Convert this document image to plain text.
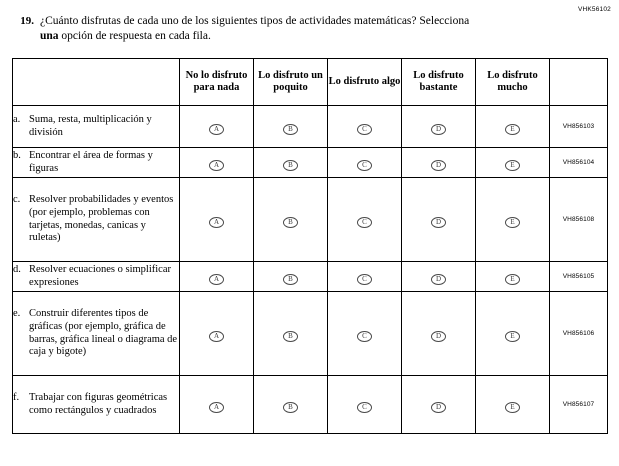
VHK56102
19. ¿Cuánto disfrutas de cada uno de los siguientes tipos de actividades matemáticas? Selecciona una opción de respuesta en cada fila.
	No lo disfruto para nada	Lo disfruto un poquito	Lo disfruto algo	Lo disfruto bastante	Lo disfruto mucho	

a. Suma, resta, multiplicación y división	A	B	C	D	E	VH856103

b. Encontrar el área de formas y figuras	A	B	C	D	E	VH856104

c. Resolver probabilidades y eventos (por ejemplo, problemas con tarjetas, monedas, canicas y ruletas)	A	B	C	D	E	VH856108

d. Resolver ecuaciones o simplificar expresiones	A	B	C	D	E	VH856105

e. Construir diferentes tipos de gráficas (por ejemplo, gráfica de barras, gráfica lineal o diagrama de caja y bigote)	A	B	C	D	E	VH856106

f. Trabajar con figuras geométricas como rectángulos y cuadrados	A	B	C	D	E	VH856107
